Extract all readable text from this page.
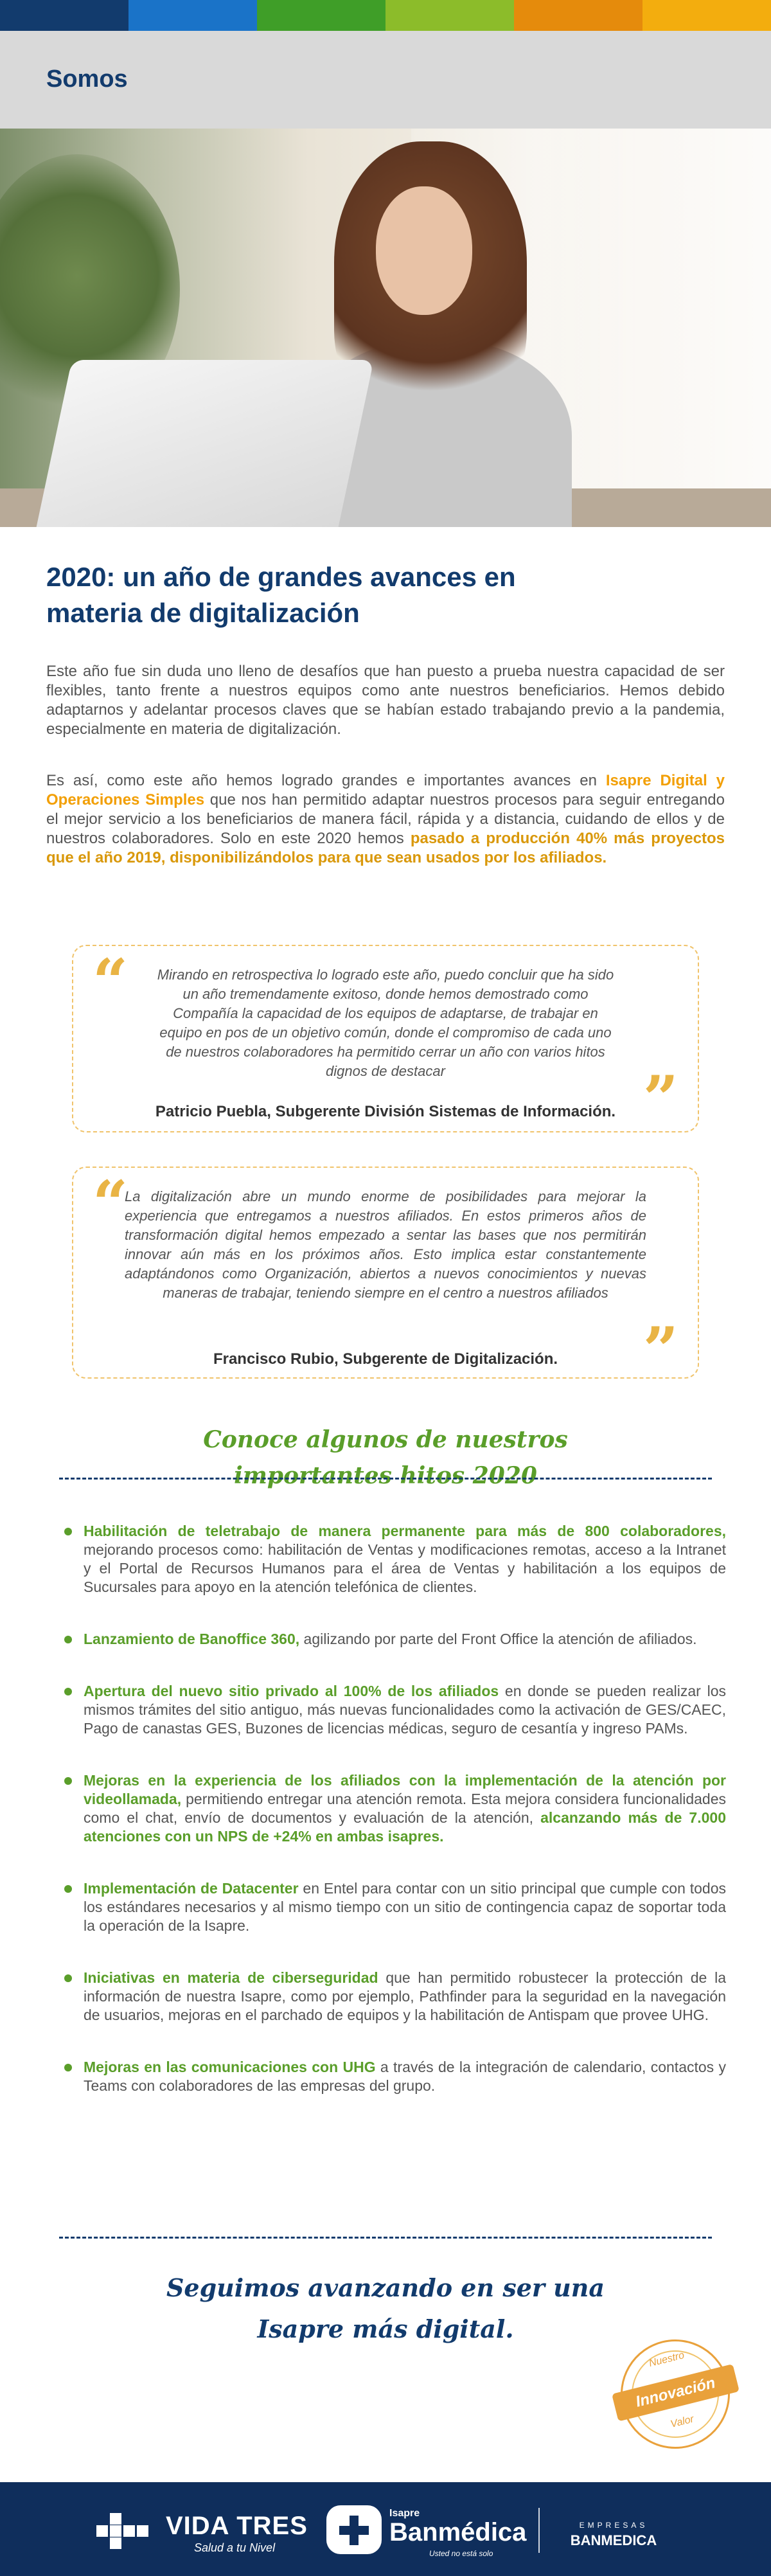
Somos
2020: un año de grandes avances en
materia de digitalización

Este año fue sin duda uno lleno de desafíos que han puesto a prueba nuestra capacidad de ser flexibles, tanto frente a nuestros equipos como ante nuestros beneficiarios. Hemos debido adaptarnos y adelantar procesos claves que se habían estado trabajando previo a la pandemia, especialmente en materia de digitalización.

Es así, como este año hemos logrado grandes e importantes avances en Isapre Digital y Operaciones Simples que nos han permitido adaptar nuestros procesos para seguir entregando el mejor servicio a los beneficiarios de manera fácil, rápida y a distancia, cuidando de ellos y de nuestros colaboradores. Solo en este 2020 hemos pasado a producción 40% más proyectos que el año 2019, disponibilizándolos para que sean usados por los afiliados.

“	Mirando en retrospectiva lo logrado este año, puedo concluir que ha sido un año tremendamente exitoso, donde hemos demostrado como Compañía la capacidad de los equipos de adaptarse, de trabajar en equipo en pos de un objetivo común, donde el compromiso de cada uno de nuestros colaboradores ha permitido cerrar un año con varios hitos dignos de destacar	”
Patricio Puebla, Subgerente División Sistemas de Información.
“
La digitalización abre un mundo enorme de posibilidades para mejorar la experiencia que entregamos a nuestros afiliados. En estos primeros años de transformación digital hemos empezado a sentar las bases que nos permitirán innovar aún más en los próximos años. Esto implica estar constantemente adaptándonos como Organización, abiertos a nuevos conocimientos y nuevas maneras de trabajar, teniendo siempre en el centro a nuestros afiliados
”
Francisco Rubio, Subgerente de Digitalización.
Conoce algunos de nuestros
importantes hitos 2020
Habilitación de teletrabajo de manera permanente para más de 800 colaboradores, mejorando procesos como: habilitación de Ventas y modificaciones remotas, acceso a la Intranet y el Portal de Recursos Humanos para el área de Ventas y habilitación a los equipos de Sucursales para apoyo en la atención telefónica de clientes.
Lanzamiento de Banoffice 360, agilizando por parte del Front Office la atención de afiliados.
Apertura del nuevo sitio privado al 100% de los afiliados en donde se pueden realizar los mismos trámites del sitio antiguo, más nuevas funcionalidades como la activación de GES/CAEC, Pago de canastas GES, Buzones de licencias médicas, seguro de cesantía y ingreso PAMs.
Mejoras en la experiencia de los afiliados con la implementación de la atención por videollamada, permitiendo entregar una atención remota. Esta mejora considera funcionalidades como el chat, envío de documentos y evaluación de la atención, alcanzando más de 7.000 atenciones con un NPS de +24% en ambas isapres.
Implementación de Datacenter en Entel para contar con un sitio principal que cumple con todos los estándares necesarios y al mismo tiempo con un sitio de contingencia capaz de soportar toda la operación de la Isapre.
Iniciativas en materia de ciberseguridad que han permitido robustecer la protección de la información de nuestra Isapre, como por ejemplo, Pathfinder para la seguridad en la navegación de usuarios, mejoras en el parchado de equipos y la habilitación de Antispam que provee UHG.
Mejoras en las comunicaciones con UHG a través de la integración de calendario, contactos y Teams con colaboradores de las empresas del grupo.
Seguimos avanzando en ser una
Isapre más digital.
Nuestro
Innovación
Valor
VIDA TRES
Salud a tu Nivel
Isapre
Banmédica
Usted no está solo
EMPRESAS
BANMEDICA
